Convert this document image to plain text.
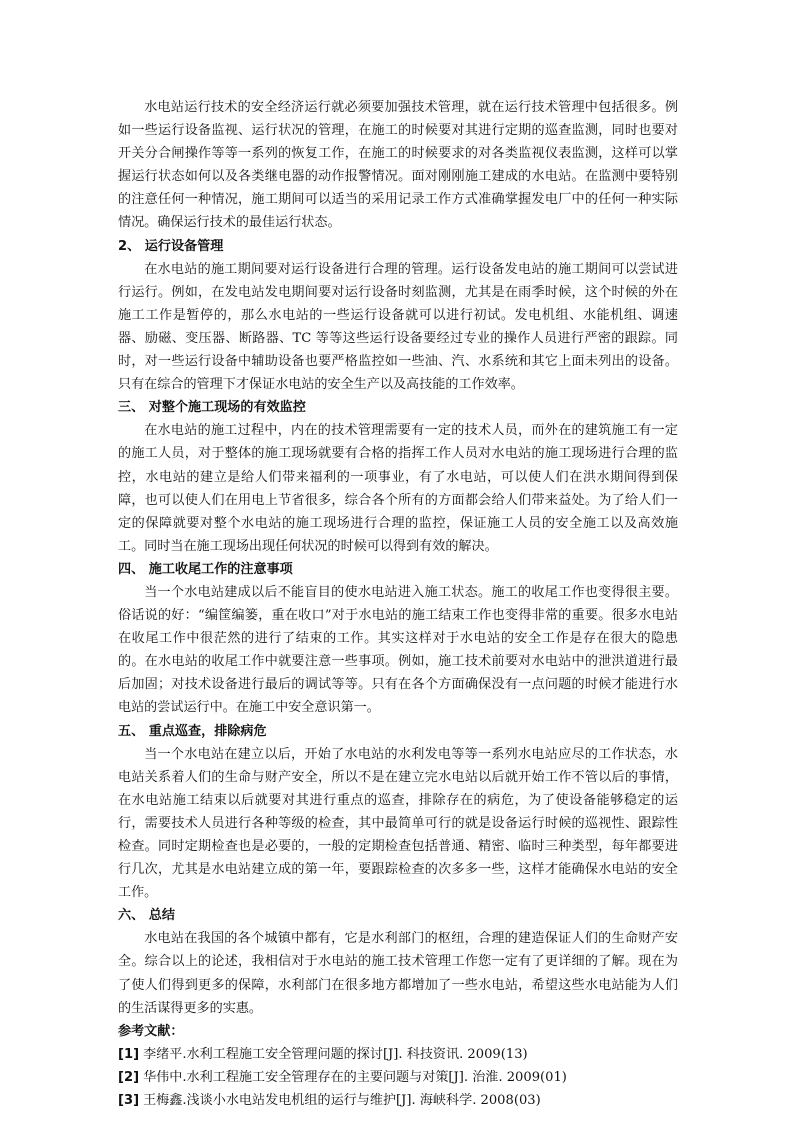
水电站运行技术的安全经济运行就必须要加强技术管理，就在运行技术管理中包括很多。例如一些运行设备监视、运行状况的管理，在施工的时候要对其进行定期的巡查监测，同时也要对开关分合闸操作等等一系列的恢复工作，在施工的时候要求的对各类监视仪表监测，这样可以掌握运行状态如何以及各类继电器的动作报警情况。面对刚刚施工建成的水电站。在监测中要特别的注意任何一种情况，施工期间可以适当的采用记录工作方式准确掌握发电厂中的任何一种实际情况。确保运行技术的最佳运行状态。

2、 运行设备管理

在水电站的施工期间要对运行设备进行合理的管理。运行设备发电站的施工期间可以尝试进行运行。例如，在发电站发电期间要对运行设备时刻监测，尤其是在雨季时候，这个时候的外在施工工作是暂停的，那么水电站的一些运行设备就可以进行初试。发电机组、水能机组、调速器、励磁、变压器、断路器、TC 等等这些运行设备要经过专业的操作人员进行严密的跟踪。同时，对一些运行设备中辅助设备也要严格监控如一些油、汽、水系统和其它上面未列出的设备。只有在综合的管理下才保证水电站的安全生产以及高技能的工作效率。

三、 对整个施工现场的有效监控

在水电站的施工过程中，内在的技术管理需要有一定的技术人员，而外在的建筑施工有一定的施工人员，对于整体的施工现场就要有合格的指挥工作人员对水电站的施工现场进行合理的监控，水电站的建立是给人们带来福利的一项事业，有了水电站，可以使人们在洪水期间得到保障，也可以使人们在用电上节省很多，综合各个所有的方面都会给人们带来益处。为了给人们一定的保障就要对整个水电站的施工现场进行合理的监控，保证施工人员的安全施工以及高效施工。同时当在施工现场出现任何状况的时候可以得到有效的解决。

四、 施工收尾工作的注意事项

当一个水电站建成以后不能盲目的使水电站进入施工状态。施工的收尾工作也变得很主要。俗话说的好：“编筐编篓，重在收口”对于水电站的施工结束工作也变得非常的重要。很多水电站在收尾工作中很茫然的进行了结束的工作。其实这样对于水电站的安全工作是存在很大的隐患的。在水电站的收尾工作中就要注意一些事项。例如，施工技术前要对水电站中的泄洪道进行最后加固；对技术设备进行最后的调试等等。只有在各个方面确保没有一点问题的时候才能进行水电站的尝试运行中。在施工中安全意识第一。

五、 重点巡查，排除病危

当一个水电站在建立以后，开始了水电站的水利发电等等一系列水电站应尽的工作状态，水电站关系着人们的生命与财产安全，所以不是在建立完水电站以后就开始工作不管以后的事情，在水电站施工结束以后就要对其进行重点的巡查，排除存在的病危，为了使设备能够稳定的运行，需要技术人员进行各种等级的检查，其中最简单可行的就是设备运行时候的巡视性、跟踪性检查。同时定期检查也是必要的，一般的定期检查包括普通、精密、临时三种类型，每年都要进行几次，尤其是水电站建立成的第一年，要跟踪检查的次多多一些，这样才能确保水电站的安全工作。

六、 总结

水电站在我国的各个城镇中都有，它是水利部门的枢纽，合理的建造保证人们的生命财产安全。综合以上的论述，我相信对于水电站的施工技术管理工作您一定有了更详细的了解。现在为了使人们得到更多的保障，水利部门在很多地方都增加了一些水电站，希望这些水电站能为人们的生活谋得更多的实惠。

参考文献：
[1] 李绪平.水利工程施工安全管理问题的探讨[J]. 科技资讯. 2009(13)
[2] 华伟中.水利工程施工安全管理存在的主要问题与对策[J]. 治淮. 2009(01)
[3] 王梅鑫.浅谈小水电站发电机组的运行与维护[J]. 海峡科学. 2008(03)
